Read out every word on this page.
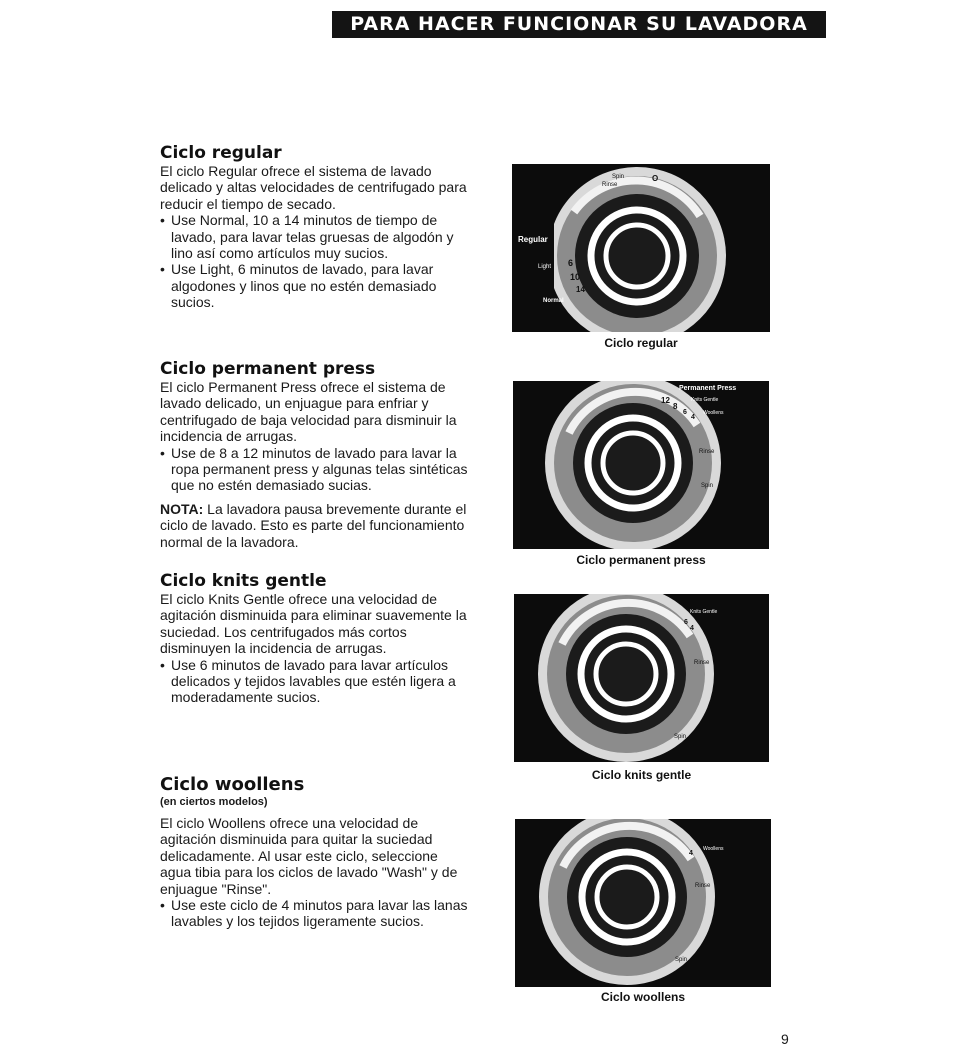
PARA HACER FUNCIONAR SU LAVADORA
Ciclo regular

El ciclo Regular ofrece el sistema de lavado delicado y altas velocidades de centrifugado para reducir el tiempo de secado.

• Use Normal, 10 a 14 minutos de tiempo de lavado, para lavar telas gruesas de algodón y lino así como artículos muy sucios.
• Use Light, 6 minutos de lavado, para lavar algodones y linos que no estén demasiado sucios.
Ciclo permanent press

El ciclo Permanent Press ofrece el sistema de lavado delicado, un enjuague para enfriar y centrifugado de baja velocidad para disminuir la incidencia de arrugas.

• Use de 8 a 12 minutos de lavado para lavar la ropa permanent press y algunas telas sintéticas que no estén demasiado sucias.

NOTA: La lavadora pausa brevemente durante el ciclo de lavado. Esto es parte del funcionamiento normal de la lavadora.

Ciclo knits gentle

El ciclo Knits Gentle ofrece una velocidad de agitación disminuida para eliminar suavemente la suciedad. Los centrifugados más cortos disminuyen la incidencia de arrugas.

• Use 6 minutos de lavado para lavar artículos delicados y tejidos lavables que estén ligera a moderadamente sucios.
Ciclo woollens
(en ciertos modelos)

El ciclo Woollens ofrece una velocidad de agitación disminuida para quitar la suciedad delicadamente. Al usar este ciclo, seleccione agua tibia para los ciclos de lavado "Wash" y de enjuague "Rinse".

• Use este ciclo de 4 minutos para lavar las lanas lavables y los tejidos ligeramente sucios.
Regular
Light
Normal
6
10
14
Spin
Rinse
O
Ciclo regular
Permanent Press
Knits Gentle
Woollens
12
8
6
4
Rinse
Spin
Ciclo permanent press
Knits Gentle
6
4
Rinse
Spin
Ciclo knits gentle
Woollens
4
Rinse
Spin
Ciclo woollens
9
